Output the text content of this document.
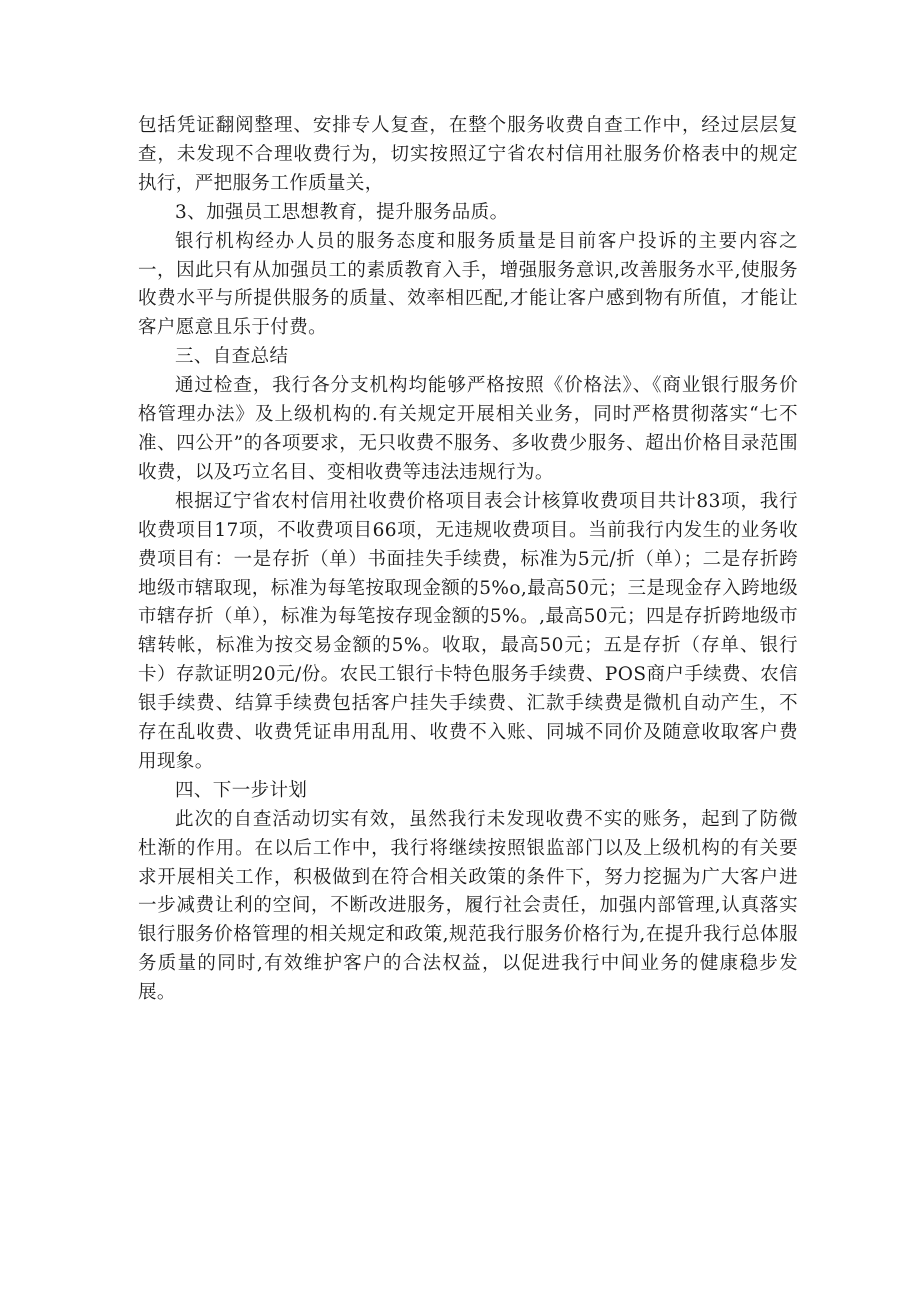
包括凭证翻阅整理、安排专人复查，在整个服务收费自查工作中，经过层层复查，未发现不合理收费行为，切实按照辽宁省农村信用社服务价格表中的规定执行，严把服务工作质量关，

3、加强员工思想教育，提升服务品质。

银行机构经办人员的服务态度和服务质量是目前客户投诉的主要内容之一，因此只有从加强员工的素质教育入手，增强服务意识,改善服务水平,使服务收费水平与所提供服务的质量、效率相匹配,才能让客户感到物有所值，才能让客户愿意且乐于付费。

三、自查总结

通过检查，我行各分支机构均能够严格按照《价格法》、《商业银行服务价格管理办法》及上级机构的.有关规定开展相关业务，同时严格贯彻落实“七不准、四公开”的各项要求，无只收费不服务、多收费少服务、超出价格目录范围收费，以及巧立名目、变相收费等违法违规行为。

根据辽宁省农村信用社收费价格项目表会计核算收费项目共计83项，我行收费项目17项，不收费项目66项，无违规收费项目。当前我行内发生的业务收费项目有：一是存折（单）书面挂失手续费，标准为5元/折（单）；二是存折跨地级市辖取现，标准为每笔按取现金额的5%o,最高50元；三是现金存入跨地级市辖存折（单），标准为每笔按存现金额的5%。,最高50元；四是存折跨地级市辖转帐，标准为按交易金额的5%。收取，最高50元；五是存折（存单、银行卡）存款证明20元/份。农民工银行卡特色服务手续费、POS商户手续费、农信银手续费、结算手续费包括客户挂失手续费、汇款手续费是微机自动产生，不存在乱收费、收费凭证串用乱用、收费不入账、同城不同价及随意收取客户费用现象。

四、下一步计划

此次的自查活动切实有效，虽然我行未发现收费不实的账务，起到了防微杜渐的作用。在以后工作中，我行将继续按照银监部门以及上级机构的有关要求开展相关工作，积极做到在符合相关政策的条件下，努力挖掘为广大客户进一步减费让利的空间，不断改进服务，履行社会责任，加强内部管理,认真落实银行服务价格管理的相关规定和政策,规范我行服务价格行为,在提升我行总体服务质量的同时,有效维护客户的合法权益，以促进我行中间业务的健康稳步发展。
